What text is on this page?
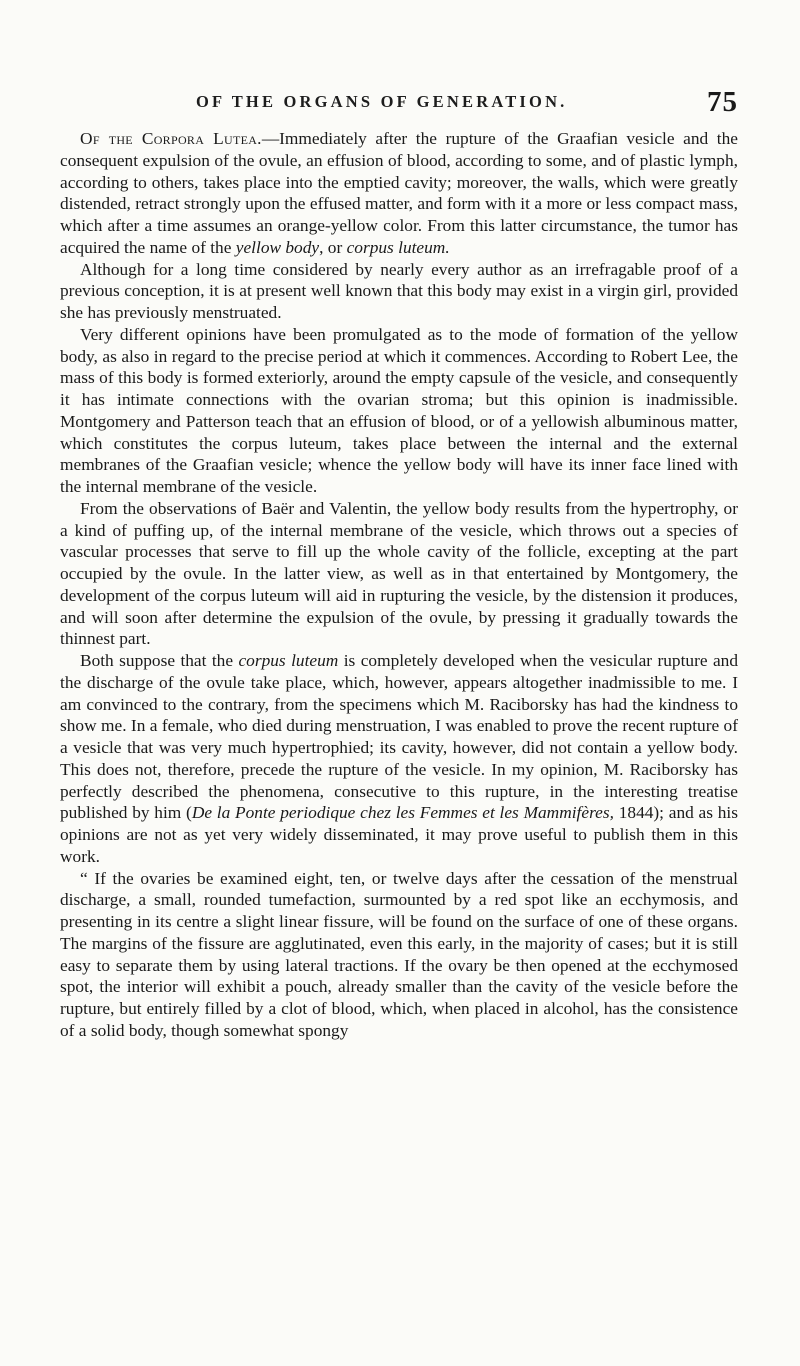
OF THE ORGANS OF GENERATION.	75

Of the Corpora Lutea.—Immediately after the rupture of the Graafian vesicle and the consequent expulsion of the ovule, an effusion of blood, according to some, and of plastic lymph, according to others, takes place into the emptied cavity; moreover, the walls, which were greatly distended, retract strongly upon the effused matter, and form with it a more or less compact mass, which after a time assumes an orange-yellow color. From this latter circumstance, the tumor has acquired the name of the yellow body, or corpus luteum.

Although for a long time considered by nearly every author as an irrefragable proof of a previous conception, it is at present well known that this body may exist in a virgin girl, provided she has previously menstruated.

Very different opinions have been promulgated as to the mode of formation of the yellow body, as also in regard to the precise period at which it commences. According to Robert Lee, the mass of this body is formed exteriorly, around the empty capsule of the vesicle, and consequently it has intimate connections with the ovarian stroma; but this opinion is inadmissible. Montgomery and Patterson teach that an effusion of blood, or of a yellowish albuminous matter, which constitutes the corpus luteum, takes place between the internal and the external membranes of the Graafian vesicle; whence the yellow body will have its inner face lined with the internal membrane of the vesicle.

From the observations of Baër and Valentin, the yellow body results from the hypertrophy, or a kind of puffing up, of the internal membrane of the vesicle, which throws out a species of vascular processes that serve to fill up the whole cavity of the follicle, excepting at the part occupied by the ovule. In the latter view, as well as in that entertained by Montgomery, the development of the corpus luteum will aid in rupturing the vesicle, by the distension it produces, and will soon after determine the expulsion of the ovule, by pressing it gradually towards the thinnest part.

Both suppose that the corpus luteum is completely developed when the vesicular rupture and the discharge of the ovule take place, which, however, appears altogether inadmissible to me. I am convinced to the contrary, from the specimens which M. Raciborsky has had the kindness to show me. In a female, who died during menstruation, I was enabled to prove the recent rupture of a vesicle that was very much hypertrophied; its cavity, however, did not contain a yellow body. This does not, therefore, precede the rupture of the vesicle. In my opinion, M. Raciborsky has perfectly described the phenomena, consecutive to this rupture, in the interesting treatise published by him (De la Ponte periodique chez les Femmes et les Mammifères, 1844); and as his opinions are not as yet very widely disseminated, it may prove useful to publish them in this work.

“ If the ovaries be examined eight, ten, or twelve days after the cessation of the menstrual discharge, a small, rounded tumefaction, surmounted by a red spot like an ecchymosis, and presenting in its centre a slight linear fissure, will be found on the surface of one of these organs. The margins of the fissure are agglutinated, even this early, in the majority of cases; but it is still easy to separate them by using lateral tractions. If the ovary be then opened at the ecchymosed spot, the interior will exhibit a pouch, already smaller than the cavity of the vesicle before the rupture, but entirely filled by a clot of blood, which, when placed in alcohol, has the consistence of a solid body, though somewhat spongy
